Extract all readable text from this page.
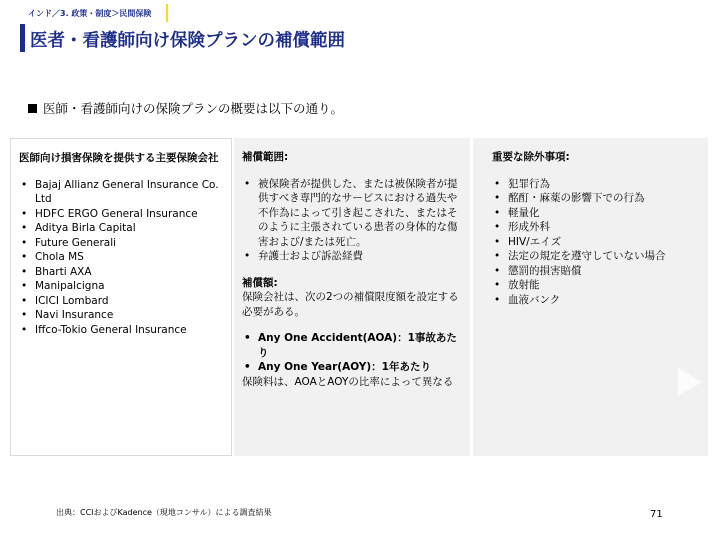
インド／3. 政策・制度＞民間保険
医者・看護師向け保険プランの補償範囲
医師・看護師向けの保険プランの概要は以下の通り。
医師向け損害保険を提供する主要保険会社
• Bajaj Allianz General Insurance Co. Ltd
• HDFC ERGO General Insurance
• Aditya Birla Capital
• Future Generali
• Chola MS
• Bharti AXA
• Manipalcigna
• ICICI Lombard
• Navi Insurance
• Iffco-Tokio General Insurance
補償範囲:
• 被保険者が提供した、または被保険者が提供すべき専門的なサービスにおける過失や不作為によって引き起こされた、またはそのように主張されている患者の身体的な傷害および/または死亡。
• 弁護士および訴訟経費
補償額:
保険会社は、次の2つの補償限度額を設定する必要がある。
• Any One Accident(AOA)：1事故あたり
• Any One Year(AOY)：1年あたり
保険料は、AOAとAOYの比率によって異なる
重要な除外事項:
• 犯罪行為
• 酩酊・麻薬の影響下での行為
• 軽量化
• 形成外科
• HIV/エイズ
• 法定の規定を遵守していない場合
• 懲罰的損害賠償
• 放射能
• 血液バンク
出典：CCIおよびKadence（現地コンサル）による調査結果	71
